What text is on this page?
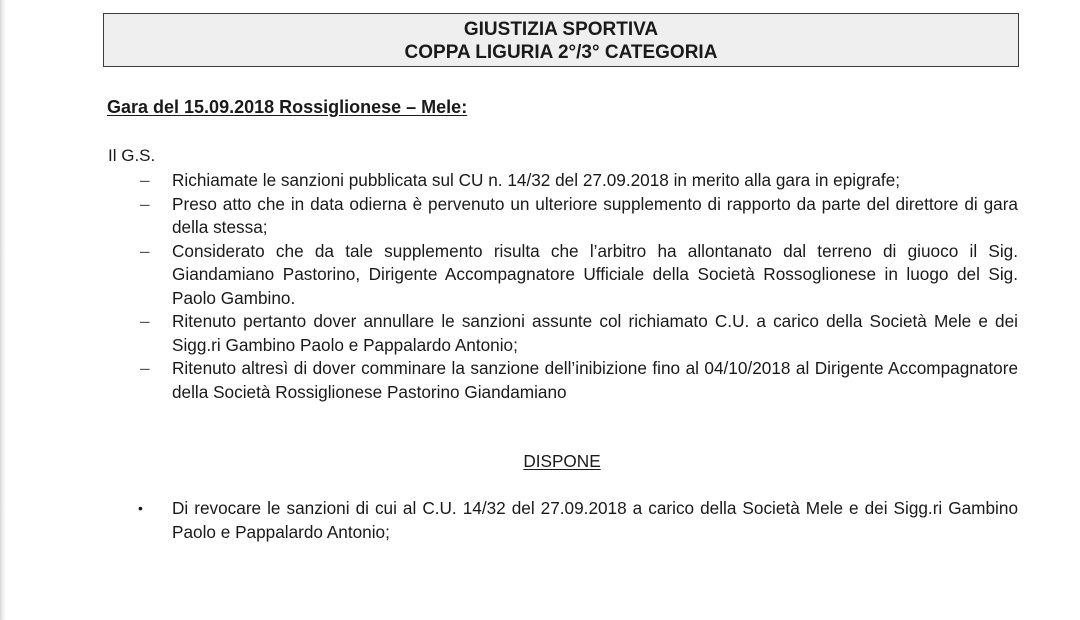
GIUSTIZIA SPORTIVA
COPPA LIGURIA 2°/3° CATEGORIA
Gara del 15.09.2018 Rossiglionese – Mele:
Il G.S.
– Richiamate le sanzioni pubblicata sul CU n. 14/32 del 27.09.2018 in merito alla gara in epigrafe;
– Preso atto che in data odierna è pervenuto un ulteriore supplemento di rapporto da parte del direttore di gara della stessa;
– Considerato che da tale supplemento risulta che l’arbitro ha allontanato dal terreno di giuoco il Sig. Giandamiano Pastorino, Dirigente Accompagnatore Ufficiale della Società Rossoglionese in luogo del Sig. Paolo Gambino.
– Ritenuto pertanto dover annullare le sanzioni assunte col richiamato C.U. a carico della Società Mele e dei Sigg.ri Gambino Paolo e Pappalardo Antonio;
– Ritenuto altresì di dover comminare la sanzione dell’inibizione fino al 04/10/2018 al Dirigente Accompagnatore della Società Rossiglionese Pastorino Giandamiano
DISPONE
• Di revocare le sanzioni di cui al C.U. 14/32 del 27.09.2018 a carico della Società Mele e dei Sigg.ri Gambino Paolo e Pappalardo Antonio;
